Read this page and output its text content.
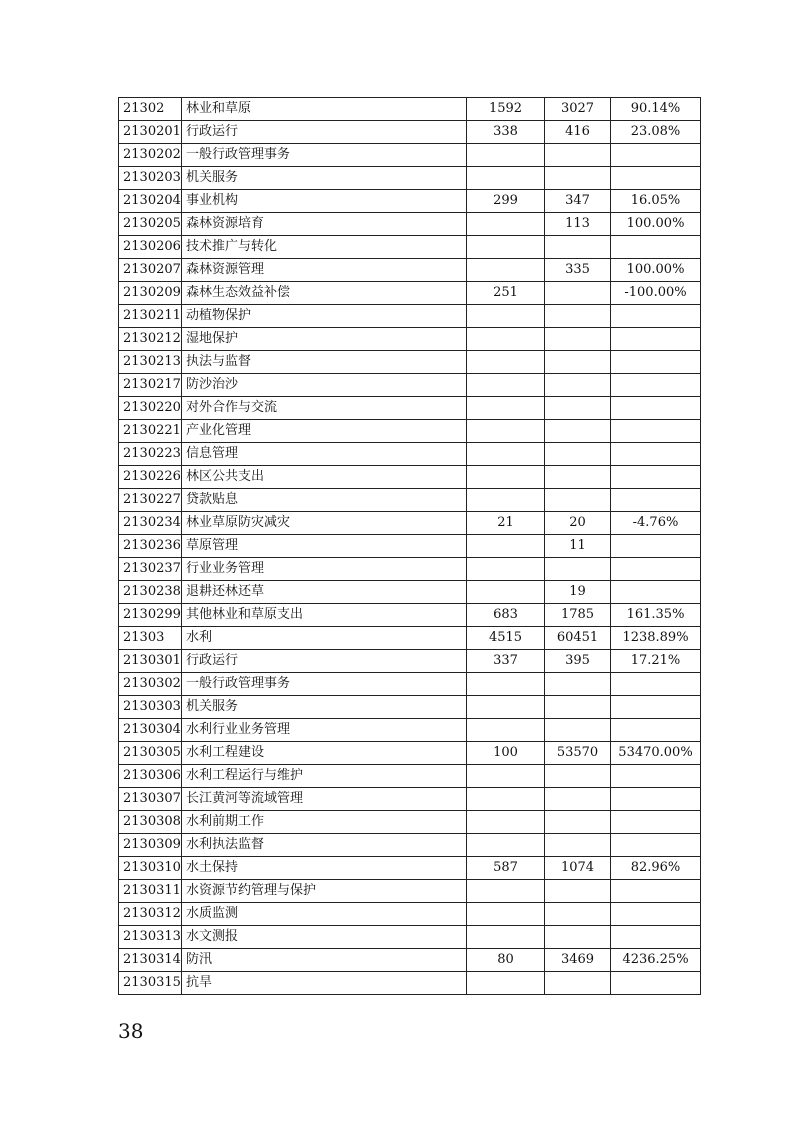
21302	林业和草原	1592	3027	90.14%
2130201	行政运行	338	416	23.08%
2130202	一般行政管理事务			
2130203	机关服务			
2130204	事业机构	299	347	16.05%
2130205	森林资源培育		113	100.00%
2130206	技术推广与转化			
2130207	森林资源管理		335	100.00%
2130209	森林生态效益补偿	251		-100.00%
2130211	动植物保护			
2130212	湿地保护			
2130213	执法与监督			
2130217	防沙治沙			
2130220	对外合作与交流			
2130221	产业化管理			
2130223	信息管理			
2130226	林区公共支出			
2130227	贷款贴息			
2130234	林业草原防灾减灾	21	20	-4.76%
2130236	草原管理		11	
2130237	行业业务管理			
2130238	退耕还林还草		19	
2130299	其他林业和草原支出	683	1785	161.35%
21303	水利	4515	60451	1238.89%
2130301	行政运行	337	395	17.21%
2130302	一般行政管理事务			
2130303	机关服务			
2130304	水利行业业务管理			
2130305	水利工程建设	100	53570	53470.00%
2130306	水利工程运行与维护			
2130307	长江黄河等流域管理			
2130308	水利前期工作			
2130309	水利执法监督			
2130310	水土保持	587	1074	82.96%
2130311	水资源节约管理与保护			
2130312	水质监测			
2130313	水文测报			
2130314	防汛	80	3469	4236.25%
2130315	抗旱			
38
